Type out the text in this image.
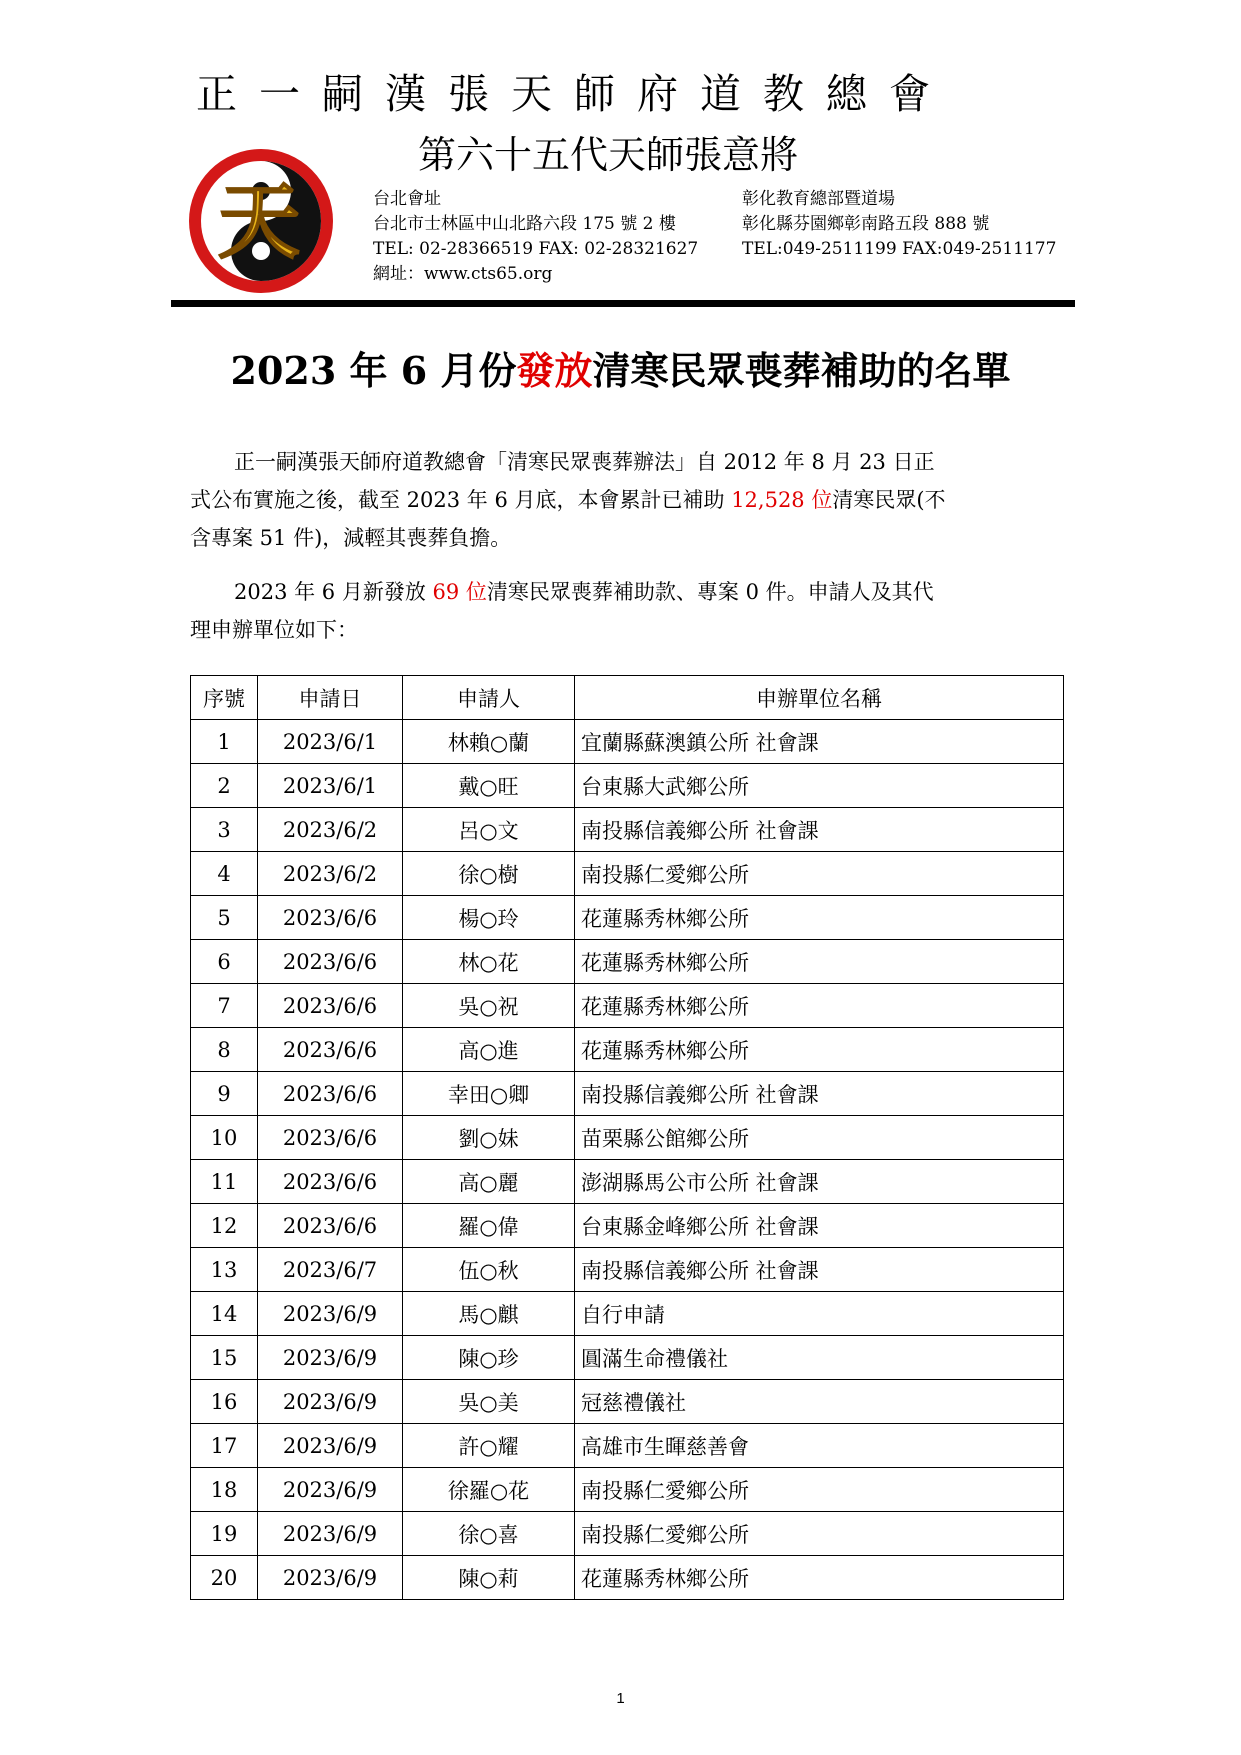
正一嗣漢張天師府道教總會
第六十五代天師張意將
天	台北會址
台北市士林區中山北路六段 175 號 2 樓
TEL: 02-28366519 FAX: 02-28321627
網址：www.cts65.org
彰化教育總部暨道場
彰化縣芬園鄉彰南路五段 888 號
TEL:049-2511199 FAX:049-2511177
2023 年 6 月份發放清寒民眾喪葬補助的名單
正一嗣漢張天師府道教總會「清寒民眾喪葬辦法」自 2012 年 8 月 23 日正
式公布實施之後，截至 2023 年 6 月底，本會累計已補助 12,528 位清寒民眾(不
含專案 51 件)，減輕其喪葬負擔。
2023 年 6 月新發放 69 位清寒民眾喪葬補助款、專案 0 件。申請人及其代
理申辦單位如下：
序號	申請日	申請人	申辦單位名稱
1	2023/6/1	林賴○蘭	宜蘭縣蘇澳鎮公所 社會課
2	2023/6/1	戴○旺	台東縣大武鄉公所
3	2023/6/2	呂○文	南投縣信義鄉公所 社會課
4	2023/6/2	徐○樹	南投縣仁愛鄉公所
5	2023/6/6	楊○玲	花蓮縣秀林鄉公所
6	2023/6/6	林○花	花蓮縣秀林鄉公所
7	2023/6/6	吳○祝	花蓮縣秀林鄉公所
8	2023/6/6	高○進	花蓮縣秀林鄉公所
9	2023/6/6	幸田○卿	南投縣信義鄉公所 社會課
10	2023/6/6	劉○妹	苗栗縣公館鄉公所
11	2023/6/6	高○麗	澎湖縣馬公市公所 社會課
12	2023/6/6	羅○偉	台東縣金峰鄉公所 社會課
13	2023/6/7	伍○秋	南投縣信義鄉公所 社會課
14	2023/6/9	馬○麒	自行申請
15	2023/6/9	陳○珍	圓滿生命禮儀社
16	2023/6/9	吳○美	冠慈禮儀社
17	2023/6/9	許○耀	高雄市生暉慈善會
18	2023/6/9	徐羅○花	南投縣仁愛鄉公所
19	2023/6/9	徐○喜	南投縣仁愛鄉公所
20	2023/6/9	陳○莉	花蓮縣秀林鄉公所
1
